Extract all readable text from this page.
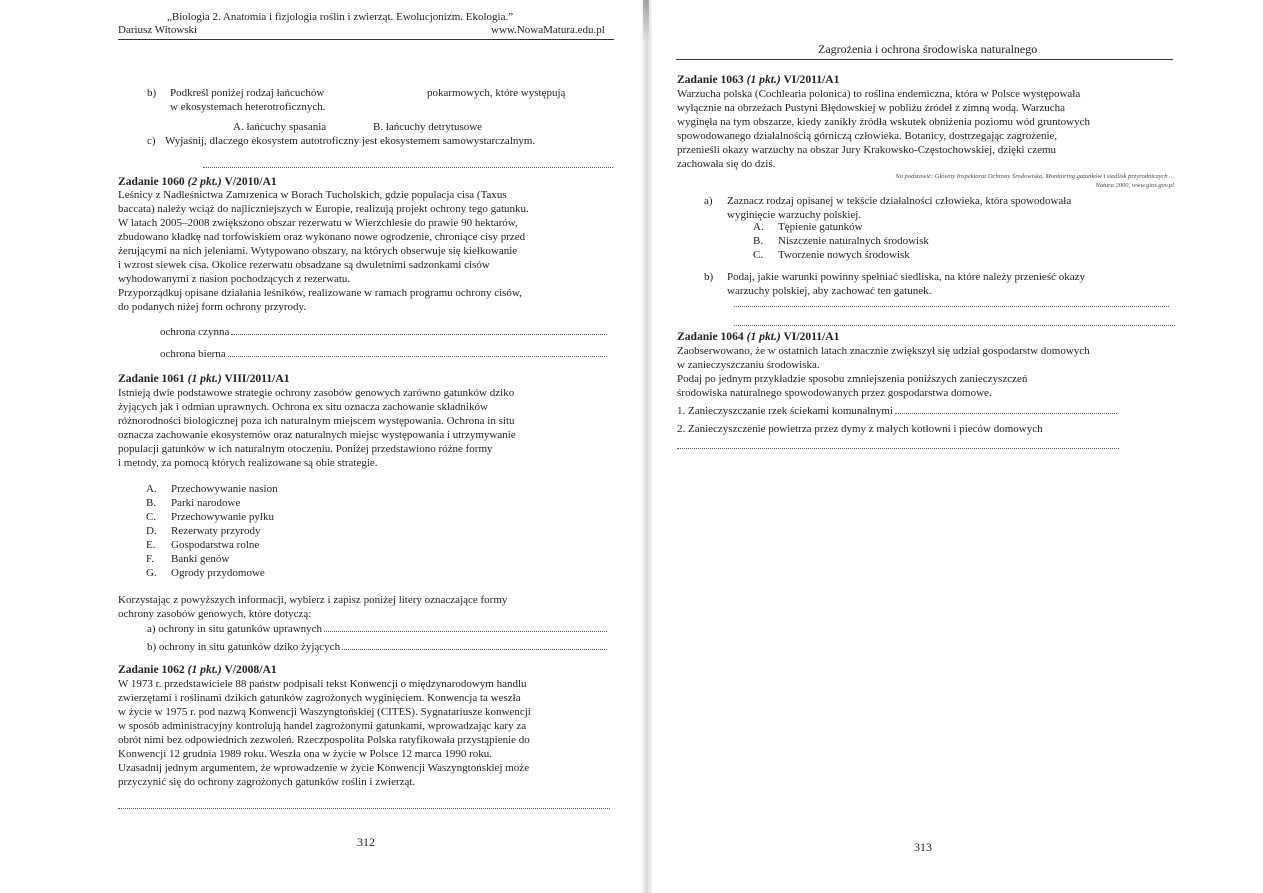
„Biologia 2. Anatomia i fizjologia roślin i zwierząt. Ewolucjonizm. Ekologia.”
Dariusz Witowski	www.NowaMatura.edu.pl
b) Podkreśl poniżej rodzaj łańcuchów	pokarmowych, które występują
w ekosystemach heterotroficznych.
A. łańcuchy spasania	B. łańcuchy detrytusowe
c) Wyjaśnij, dlaczego ekosystem autotroficzny jest ekosystemem samowystarczalnym.
Zadanie 1060 (2 pkt.) V/2010/A1

Leśnicy z Nadleśnictwa Zamrzenica w Borach Tucholskich, gdzie populacja cisa (Taxus

baccata) należy wciąż do najliczniejszych w Europie, realizują projekt ochrony tego gatunku.

W latach 2005–2008 zwiększono obszar rezerwatu w Wierzchlesie do prawie 90 hektarów,

zbudowano kładkę nad torfowiskiem oraz wykonano nowe ogrodzenie, chroniące cisy przed

żerującymi na nich jeleniami. Wytypowano obszary, na których obserwuje się kiełkowanie

i wzrost siewek cisa. Okolice rezerwatu obsadzane są dwuletnimi sadzonkami cisów

wyhodowanymi z nasion pochodzących z rezerwatu.

Przyporządkuj opisane działania leśników, realizowane w ramach programu ochrony cisów,

do podanych niżej form ochrony przyrody.

ochrona czynna
ochrona bierna
Zadanie 1061 (1 pkt.) VIII/2011/A1

Istnieją dwie podstawowe strategie ochrony zasobów genowych zarówno gatunków dziko

żyjących jak i odmian uprawnych. Ochrona ex situ oznacza zachowanie składników

różnorodności biologicznej poza ich naturalnym miejscem występowania. Ochrona in situ

oznacza zachowanie ekosystemów oraz naturalnych miejsc występowania i utrzymywanie

populacji gatunków w ich naturalnym otoczeniu. Poniżej przedstawiono różne formy

i metody, za pomocą których realizowane są obie strategie.

A. Przechowywanie nasion
B. Parki narodowe
C. Przechowywanie pyłku
D. Rezerwaty przyrody
E. Gospodarstwa rolne
F. Banki genów
G. Ogrody przydomowe
Korzystając z powyższych informacji, wybierz i zapisz poniżej litery oznaczające formy
ochrony zasobów genowych, które dotyczą:
a) ochrony in situ gatunków uprawnych
b) ochrony in situ gatunków dziko żyjących
Zadanie 1062 (1 pkt.) V/2008/A1

W 1973 r. przedstawiciele 88 państw podpisali tekst Konwencji o międzynarodowym handlu

zwierzętami i roślinami dzikich gatunków zagrożonych wyginięciem. Konwencja ta weszła

w życie w 1975 r. pod nazwą Konwencji Waszyngtońskiej (CITES). Sygnatariusze konwencji

w sposób administracyjny kontrolują handel zagrożonymi gatunkami, wprowadzając kary za

obrót nimi bez odpowiednich zezwoleń. Rzeczpospolita Polska ratyfikowała przystąpienie do

Konwencji 12 grudnia 1989 roku. Weszła ona w życie w Polsce 12 marca 1990 roku.

Uzasadnij jednym argumentem, że wprowadzenie w życie Konwencji Waszyngtońskiej może

przyczynić się do ochrony zagrożonych gatunków roślin i zwierząt.

312
Zagrożenia i ochrona środowiska naturalnego
Zadanie 1063 (1 pkt.) VI/2011/A1

Warzucha polska (Cochlearia polonica) to roślina endemiczna, która w Polsce występowała

wyłącznie na obrzeżach Pustyni Błędowskiej w pobliżu źródeł z zimną wodą. Warzucha

wyginęła na tym obszarze, kiedy zanikły źródła wskutek obniżenia poziomu wód gruntowych

spowodowanego działalnością górniczą człowieka. Botanicy, dostrzegając zagrożenie,

przenieśli okazy warzuchy na obszar Jury Krakowsko-Częstochowskiej, dzięki czemu

zachowała się do dziś.

Na podstawie: Główny Inspektorat Ochrony Środowiska, Monitoring gatunków i siedlisk przyrodniczych ...
Natura 2000, www.gios.gov.pl
a) Zaznacz rodzaj opisanej w tekście działalności człowieka, która spowodowała
wyginięcie warzuchy polskiej.
A. Tępienie gatunków
B. Niszczenie naturalnych środowisk
C. Tworzenie nowych środowisk
b) Podaj, jakie warunki powinny spełniać siedliska, na które należy przenieść okazy
warzuchy polskiej, aby zachować ten gatunek.
Zadanie 1064 (1 pkt.) VI/2011/A1

Zaobserwowano, że w ostatnich latach znacznie zwiększył się udział gospodarstw domowych

w zanieczyszczaniu środowiska.

Podaj po jednym przykładzie sposobu zmniejszenia poniższych zanieczyszczeń

środowiska naturalnego spowodowanych przez gospodarstwa domowe.

1. Zanieczyszczanie rzek ściekami komunalnymi
2. Zanieczyszczenie powietrza przez dymy z małych kotłowni i pieców domowych
313
